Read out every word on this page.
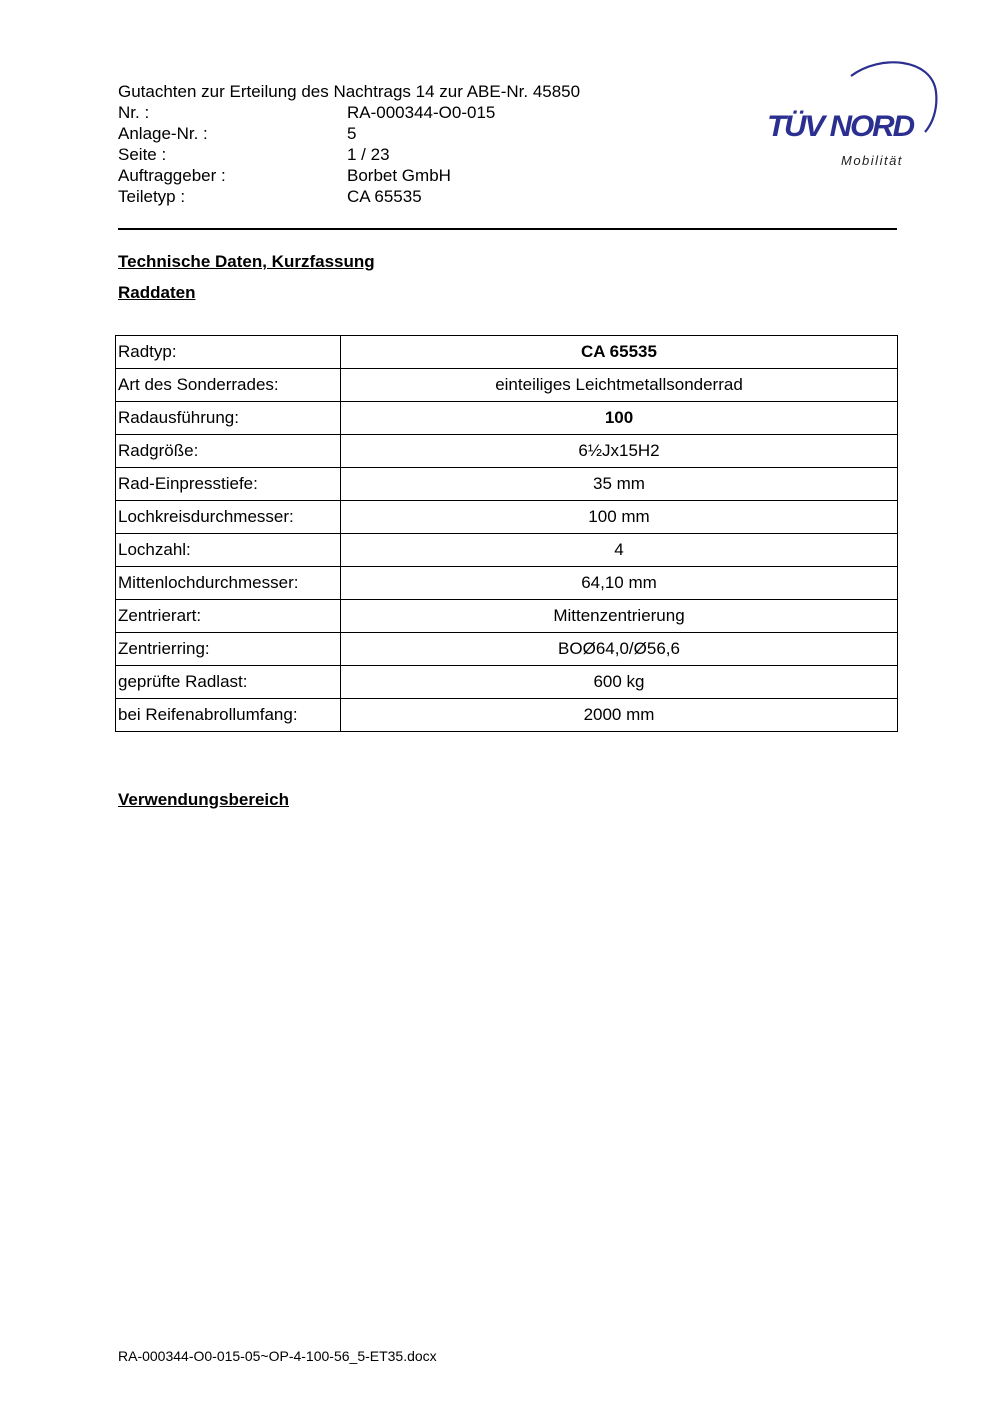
Gutachten zur Erteilung des Nachtrags 14 zur ABE-Nr. 45850
Nr. :	RA-000344-O0-015
Anlage-Nr. :	5
Seite :	1 / 23
Auftraggeber :	Borbet GmbH
Teiletyp :	CA 65535
TÜV NORD
Mobilität
Technische Daten, Kurzfassung
Raddaten
Radtyp:	CA 65535
Art des Sonderrades:	einteiliges Leichtmetallsonderrad
Radausführung:	100
Radgröße:	6½Jx15H2
Rad-Einpresstiefe:	35 mm
Lochkreisdurchmesser:	100 mm
Lochzahl:	4
Mittenlochdurchmesser:	64,10 mm
Zentrierart:	Mittenzentrierung
Zentrierring:	BOØ64,0/Ø56,6
geprüfte Radlast:	600 kg
bei Reifenabrollumfang:	2000 mm
Verwendungsbereich
RA-000344-O0-015-05~OP-4-100-56_5-ET35.docx
